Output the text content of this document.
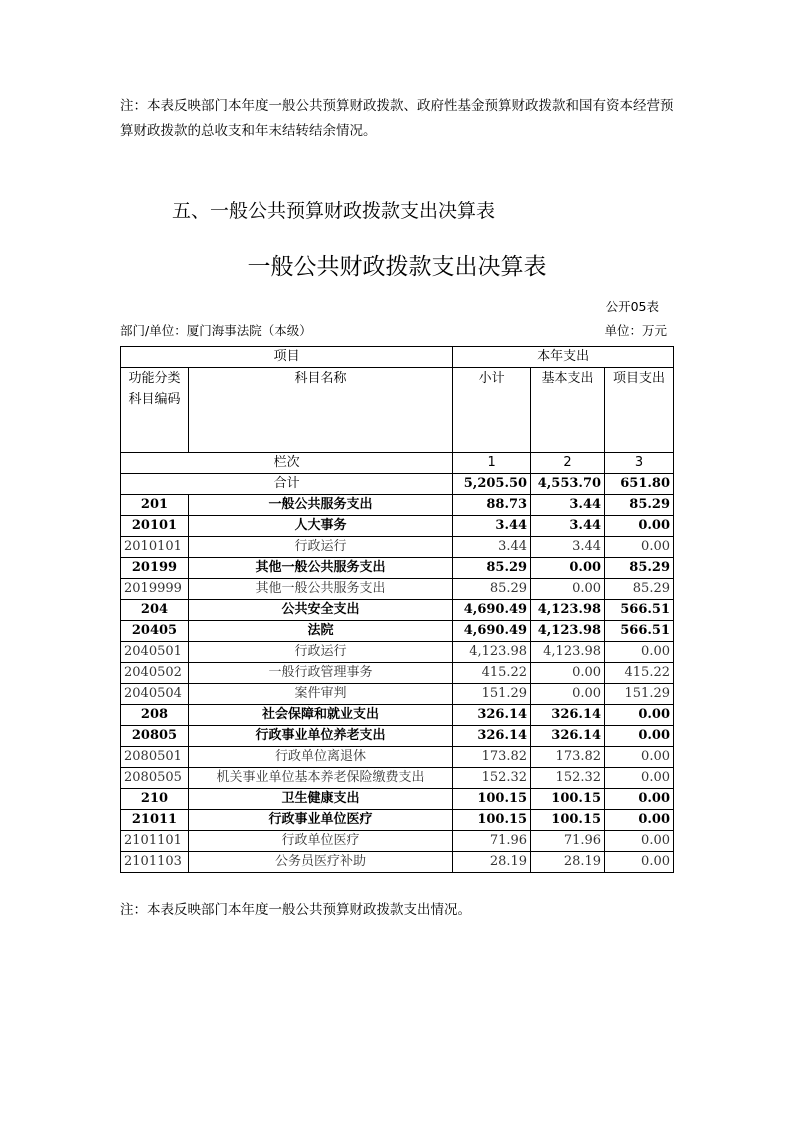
注：本表反映部门本年度一般公共预算财政拨款、政府性基金预算财政拨款和国有资本经营预算财政拨款的总收支和年末结转结余情况。

五、一般公共预算财政拨款支出决算表
一般公共财政拨款支出决算表
公开05表
部门/单位：厦门海事法院（本级）	单位：万元
项目		本年支出		
功能分类科目编码	科目名称	小计	基本支出	项目支出
栏次		1	2	3
合计		5,205.50	4,553.70	651.80
201	一般公共服务支出	88.73	3.44	85.29
20101	人大事务	3.44	3.44	0.00
2010101	行政运行	3.44	3.44	0.00
20199	其他一般公共服务支出	85.29	0.00	85.29
2019999	其他一般公共服务支出	85.29	0.00	85.29
204	公共安全支出	4,690.49	4,123.98	566.51
20405	法院	4,690.49	4,123.98	566.51
2040501	行政运行	4,123.98	4,123.98	0.00
2040502	一般行政管理事务	415.22	0.00	415.22
2040504	案件审判	151.29	0.00	151.29
208	社会保障和就业支出	326.14	326.14	0.00
20805	行政事业单位养老支出	326.14	326.14	0.00
2080501	行政单位离退休	173.82	173.82	0.00
2080505	机关事业单位基本养老保险缴费支出	152.32	152.32	0.00
210	卫生健康支出	100.15	100.15	0.00
21011	行政事业单位医疗	100.15	100.15	0.00
2101101	行政单位医疗	71.96	71.96	0.00
2101103	公务员医疗补助	28.19	28.19	0.00

注：本表反映部门本年度一般公共预算财政拨款支出情况。
